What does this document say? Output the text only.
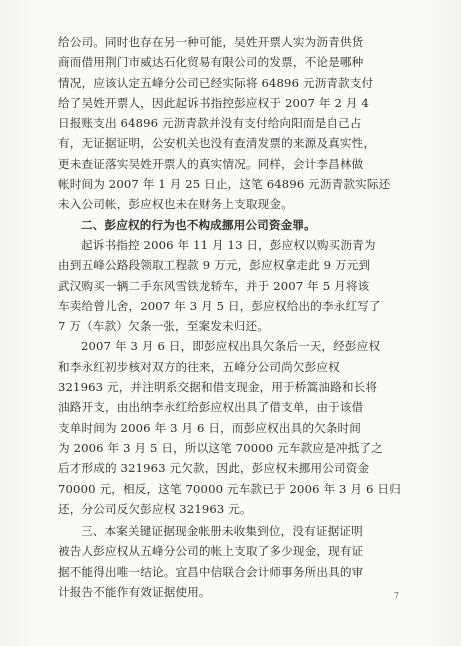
给公司。同时也存在另一种可能，吴姓开票人实为沥青供货
商而借用荆门市威达石化贸易有限公司的发票，不论是哪种
情况，应该认定五峰分公司已经实际将 64896 元沥青款支付
给了吴姓开票人，因此起诉书指控彭应权于 2007 年 2 月 4
日报账支出 64896 元沥青款并没有支付给向阳而是自己占
有，无证据证明，公安机关也没有查清发票的来源及真实性，
更未查证落实吴姓开票人的真实情况。同样，会计李昌林做
帐时间为 2007 年 1 月 25 日止，这笔 64896 元沥青款实际还
未入公司帐，彭应权也未在财务上支取现金。
二、彭应权的行为也不构成挪用公司资金罪。
起诉书指控 2006 年 11 月 13 日，彭应权以购买沥青为
由到五峰公路段领取工程款 9 万元，彭应权拿走此 9 万元到
武汉购买一辆二手东风雪铁龙轿车，并于 2007 年 5 月将该
车卖给曾儿舍，2007 年 3 月 5 日，彭应权给出的李永红写了
7 万（车款）欠条一张，至案发未归还。
2007 年 3 月 6 日，即彭应权出具欠条后一天，经彭应权
和李永红初步核对双方的往来，五峰分公司尚欠彭应权
321963 元，并注明系交据和借支现金，用于桥篙油路和长将
油路开支，由出纳李永红给彭应权出具了借支单，由于该借
支单时间为 2006 年 3 月 6 日，而彭应权出具的欠条时间
为 2006 年 3 月 5 日，所以这笔 70000 元车款应是冲抵了之
后才形成的 321963 元欠款，因此，彭应权未挪用公司资金
70000 元，相反，这笔 70000 元车款已于 2006 年 3 月 6 日归
还，分公司反欠彭应权 321963 元。
三、本案关键证据现金帐册未收集到位，没有证据证明
被告人彭应权从五峰分公司的帐上支取了多少现金，现有证
据不能得出唯一结论。宜昌中信联合会计师事务所出具的审
计报告不能作有效证据使用。	7
